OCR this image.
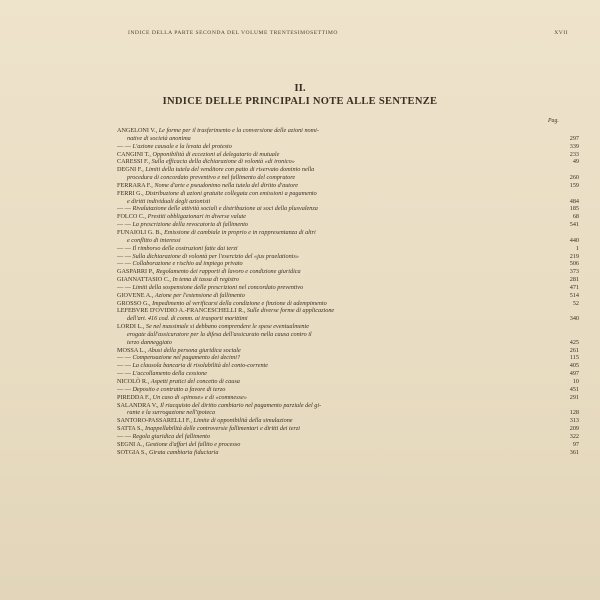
INDICE DELLA PARTE SECONDA DEL VOLUME TRENTESIMOSETTIMO	XVII
II.
INDICE DELLE PRINCIPALI NOTE ALLE SENTENZE
Pag.
ANGELONI V., Le forme per il trasferimento e la conversione delle azioni nomi-
native di società anonima	297
— — L'azione causale e la levata del protesto	339
CANGINI T., Opponibilità di eccezioni al delegatario di mutuale	233
CARESSI F., Sulla efficacia della dichiarazione di volontà «di ironico»	49
DEGNI F., Limiti della tutela del venditore con patto di riservato dominio nella
procedura di concordato preventivo e nel fallimento del compratore	260
FERRARA F., Nome d'arte e pseudonimo nella tutela del diritto d'autore	159
FERRI G., Distribuzione di azioni gratuite collegata con emissioni a pagamento
e diritti individuali degli azionisti	484
— — Rivalutazione delle attività sociali e distribuzione ai soci della plusvalenza	185
FOLCO C., Prestiti obbligazionari in diverse valute	68
— — La prescrizione della revocatoria di fallimento	541
FUNAIOLI G. B., Emissione di cambiale in proprio e in rappresentanza di altri
e conflitto di interessi	440
— — Il rimborso delle costruzioni fatte dai terzi	1
— — Sulla dichiarazione di volontà per l'esercizio del «jus praelationis»	219
— — Collaborazione e rischio ad impiego privato	506
GASPARRI P., Regolamento dei rapporti di lavoro e condizione giuridica	373
GIANNATTASIO C., In tema di tassa di registro	281
— — Limiti della sospensione delle prescrizioni nel concordato preventivo	471
GIOVENE A., Azione per l'estensione di fallimento	514
GROSSO G., Impedimento al verificarsi della condizione e finzione di adempimento	52
LEFEBVRE D'OVIDIO A.-FRANCESCHELLI R., Sulle diverse forme di applicazione
dell'art. 416 cod. di comm. ai trasporti marittimi	340
LORDI L., Se nel massimale si debbano comprendere le spese eventualmente
erogate dall'assicuratore per la difesa dell'assicurato nella causa contro il
terzo danneggiato	425
MOSSA L., Abusi della persona giuridica sociale	261
— — Compensazione nel pagamento dei decimi?	115
— — La clausola bancaria di risolubilità del conto-corrente	405
— — L'accollamento della cessione	497
NICOLÒ R., Aspetti pratici del concetto di causa	10
— — Deposito e contratto a favore di terzo	451
PIREDDA F., Un caso di «pinose» e di «commesse»	291
SALANDRA V., Il riacquisto del diritto cambiario nel pagamento parziale del gi-
rante e la surrogazione nell'ipoteca	128
SANTORO-PASSARELLI F., Limite di opponibilità della simulazione	313
SATTA S., Inappellabilità delle controversie fallimentari e diritti dei terzi	209
— — Regola giuridica del fallimento	322
SEGNI A., Gestione d'affari del fallito e processo	97
SOTGIA S., Girata cambiaria fiduciaria	361
